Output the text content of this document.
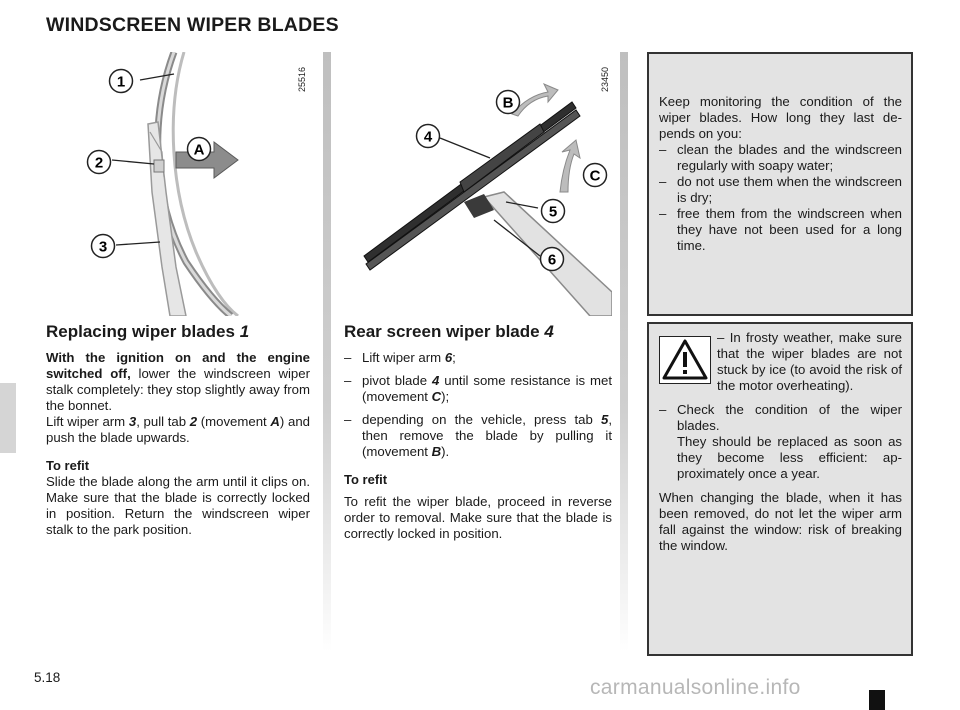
WINDSCREEN WIPER BLADES
1
2
A
3
25516
B
4
C
5
6
23450
Replacing wiper blades 1

With the ignition on and the engine switched off, lower the windscreen wiper stalk completely: they stop slightly away from the bonnet.

Lift wiper arm 3, pull tab 2 (movement A) and push the blade upwards.

To refit

Slide the blade along the arm until it clips on. Make sure that the blade is correctly locked in position. Return the windscreen wiper stalk to the park position.

Rear screen wiper blade 4
– Lift wiper arm 6;
– pivot blade 4 until some resistance is met (movement C);
– depending on the vehicle, press tab 5, then remove the blade by pulling it (movement B).

To refit

To refit the wiper blade, proceed in reverse order to removal. Make sure that the blade is correctly locked in position.

Keep monitoring the condition of the wiper blades. How long they last depends on you:

– clean the blades and the windscreen regularly with soapy water;
– do not use them when the windscreen is dry;
– free them from the windscreen when they have not been used for a long time.

– In frosty weather, make sure that the wiper blades are not stuck by ice (to avoid the risk of the motor overheating).

– Check the condition of the wiper blades.
They should be replaced as soon as they become less efficient: approximately once a year.

When changing the blade, when it has been removed, do not let the wiper arm fall against the window: risk of breaking the window.

5.18	carmanualsonline.info
